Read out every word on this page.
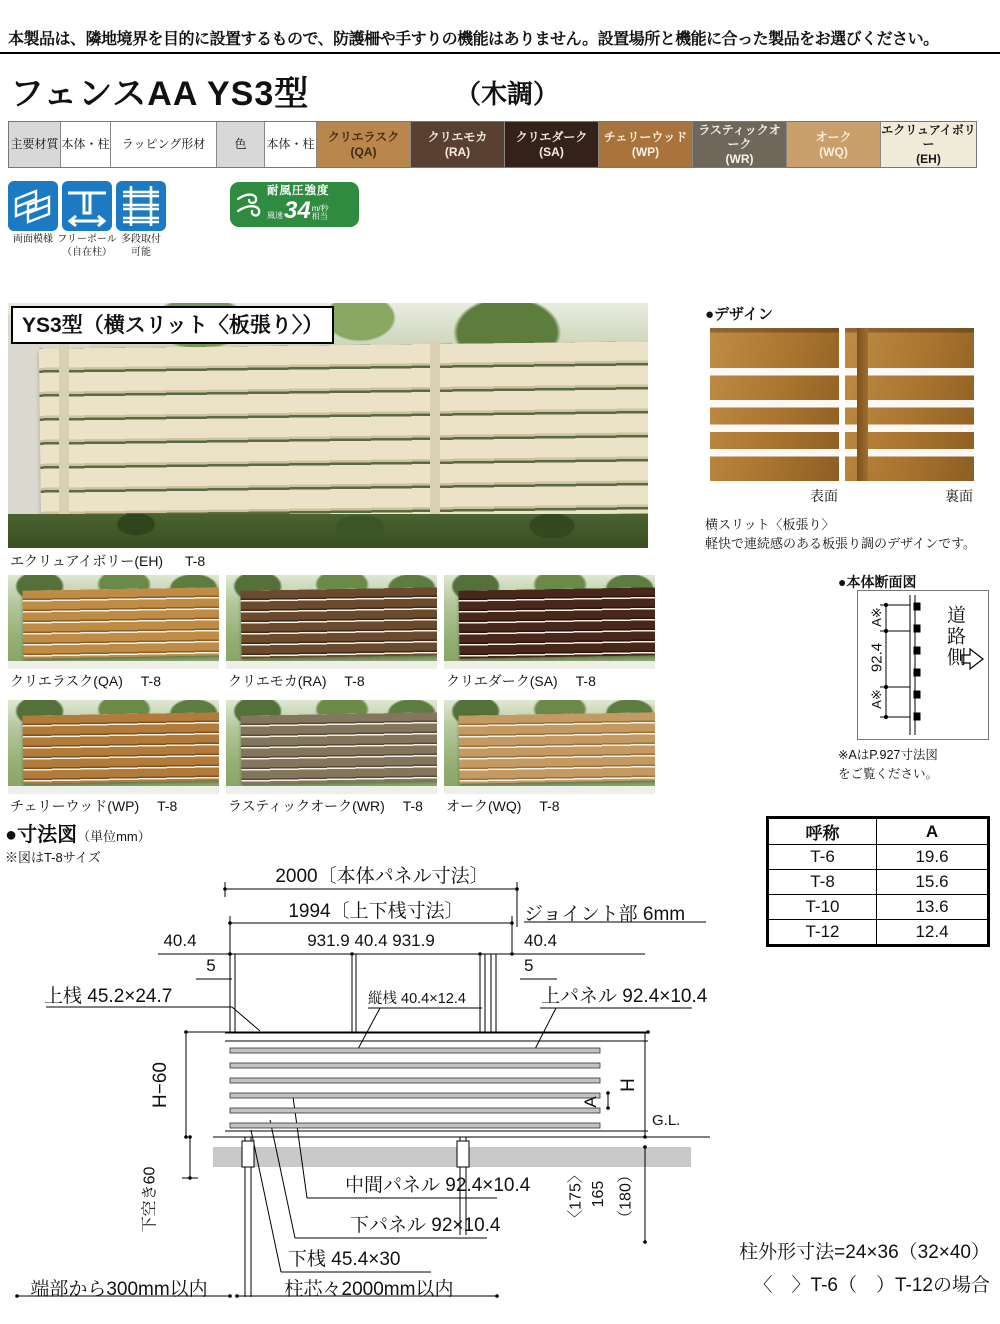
本製品は、隣地境界を目的に設置するもので、防護柵や手すりの機能はありません。設置場所と機能に合った製品をお選びください。
フェンスAA YS3型	（木調）
主要材質 本体・柱	ラッピング形材	色	本体・柱
クリエラスク
(QA)
クリエモカ
(RA)
クリエダーク
(SA)
チェリーウッド
(WP)
ラスティックオーク
(WR)
オーク
(WQ)
エクリュアイボリー
(EH)
両面模様 フリーポール
（自在柱）
多段取付
可能
耐風圧強度
風速 34 m/秒
相当
YS3型（横スリット〈板張り〉）
エクリュアイボリー(EH) T-8
●デザイン
表面	裏面
横スリット〈板張り〉
軽快で連続感のある板張り調のデザインです。
クリエラスク(QA) T-8	クリエモカ(RA) T-8	クリエダーク(SA) T-8
チェリーウッド(WP) T-8	ラスティックオーク(WR) T-8 オーク(WQ) T-8
●本体断面図
A※
92.4
A※
道路側
※AはP.927寸法図
をご覧ください。
呼称	A
T-6	19.6
T-8	15.6
T-10	13.6
T-12	12.4
●寸法図（単位mm）
※図はT-8サイズ
2000〔本体パネル寸法〕
1994〔上下桟寸法〕	ジョイント部 6mm
40.4	931.9 40.4 931.9	40.4
5	5
上桟 45.2×24.7	縦桟 40.4×12.4	上パネル 92.4×10.4
H−60	H
A
G.L.
中間パネル 92.4×10.4
下パネル 92×10.4
下桟 45.4×30
柱芯々2000mm以内
端部から300mm以内
下空き60	〈175〉 165 （180）
柱外形寸法=24×36（32×40）
〈　〉T-6（　）T-12の場合
